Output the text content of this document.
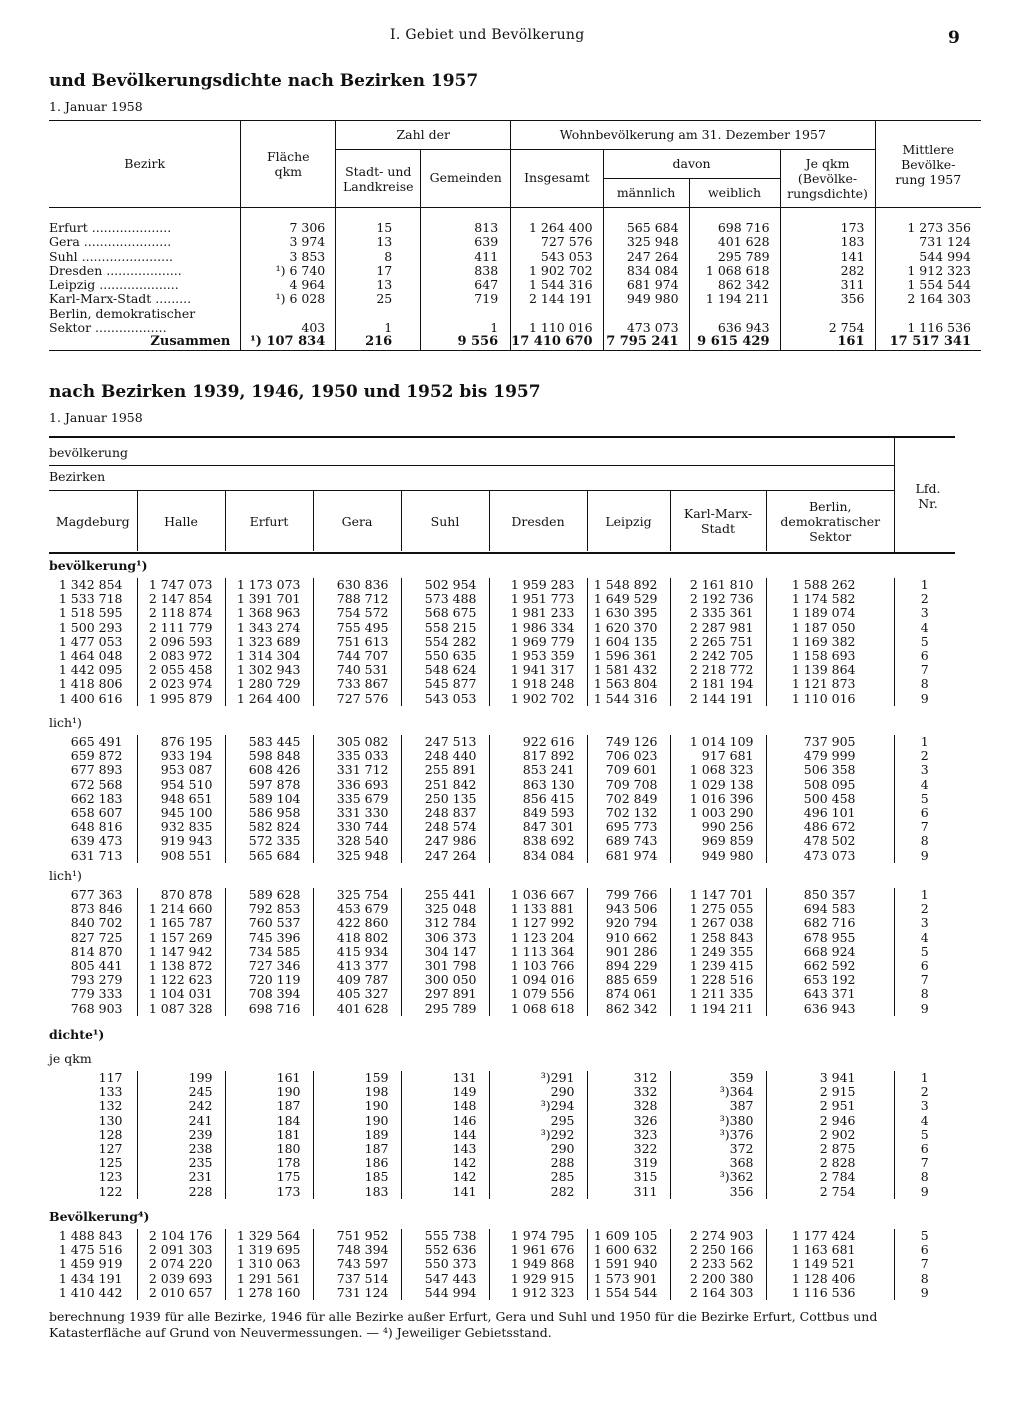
I. Gebiet und Bevölkerung	9
und Bevölkerungsdichte nach Bezirken 1957
1. Januar 1958
Bezirk	Fläche qkm	Zahl der		Wohnbevölkerung am 31. Dezember 1957				Mittlere Bevölke-rung 1957

		Stadt- und Landkreise	Gemeinden	Insgesamt	davon		Je qkm (Bevölke-rungsdichte)	

					männlich	weiblich		
Erfurt ....................	7 306	15	813	1 264 400	565 684	698 716	173	1 273 356
Gera ......................	3 974	13	639	727 576	325 948	401 628	183	731 124
Suhl .......................	3 853	8	411	543 053	247 264	295 789	141	544 994
Dresden ...................	¹) 6 740	17	838	1 902 702	834 084	1 068 618	282	1 912 323
Leipzig ....................	4 964	13	647	1 544 316	681 974	862 342	311	1 554 544
Karl-Marx-Stadt .........	¹) 6 028	25	719	2 144 191	949 980	1 194 211	356	2 164 303
Berlin, demokratischer								
Sektor ..................	403	1	1	1 110 016	473 073	636 943	2 754	1 116 536
Zusammen	¹) 107 834	216	9 556	17 410 670	7 795 241	9 615 429	161	17 517 341
nach Bezirken 1939, 1946, 1950 und 1952 bis 1957
1. Januar 1958
bevölkerung
Bezirken
Lfd. Nr.
Magdeburg	Halle	Erfurt	Gera	Suhl	Dresden	Leipzig	Karl-Marx-Stadt

Berlin, demokratischer Sektor
bevölkerung¹)
1 342 854	1 747 073	1 173 073	630 836	502 954	1 959 283	1 548 892	2 161 810	1 588 262	1
1 533 718	2 147 854	1 391 701	788 712	573 488	1 951 773	1 649 529	2 192 736	1 174 582	2
1 518 595	2 118 874	1 368 963	754 572	568 675	1 981 233	1 630 395	2 335 361	1 189 074	3
1 500 293	2 111 779	1 343 274	755 495	558 215	1 986 334	1 620 370	2 287 981	1 187 050	4
1 477 053	2 096 593	1 323 689	751 613	554 282	1 969 779	1 604 135	2 265 751	1 169 382	5
1 464 048	2 083 972	1 314 304	744 707	550 635	1 953 359	1 596 361	2 242 705	1 158 693	6
1 442 095	2 055 458	1 302 943	740 531	548 624	1 941 317	1 581 432	2 218 772	1 139 864	7
1 418 806	2 023 974	1 280 729	733 867	545 877	1 918 248	1 563 804	2 181 194	1 121 873	8
1 400 616	1 995 879	1 264 400	727 576	543 053	1 902 702	1 544 316	2 144 191	1 110 016	9
lich¹)
665 491	876 195	583 445	305 082	247 513	922 616	749 126	1 014 109	737 905	1
659 872	933 194	598 848	335 033	248 440	817 892	706 023	917 681	479 999	2
677 893	953 087	608 426	331 712	255 891	853 241	709 601	1 068 323	506 358	3
672 568	954 510	597 878	336 693	251 842	863 130	709 708	1 029 138	508 095	4
662 183	948 651	589 104	335 679	250 135	856 415	702 849	1 016 396	500 458	5
658 607	945 100	586 958	331 330	248 837	849 593	702 132	1 003 290	496 101	6
648 816	932 835	582 824	330 744	248 574	847 301	695 773	990 256	486 672	7
639 473	919 943	572 335	328 540	247 986	838 692	689 743	969 859	478 502	8
631 713	908 551	565 684	325 948	247 264	834 084	681 974	949 980	473 073	9
lich¹)
677 363	870 878	589 628	325 754	255 441	1 036 667	799 766	1 147 701	850 357	1
873 846	1 214 660	792 853	453 679	325 048	1 133 881	943 506	1 275 055	694 583	2
840 702	1 165 787	760 537	422 860	312 784	1 127 992	920 794	1 267 038	682 716	3
827 725	1 157 269	745 396	418 802	306 373	1 123 204	910 662	1 258 843	678 955	4
814 870	1 147 942	734 585	415 934	304 147	1 113 364	901 286	1 249 355	668 924	5
805 441	1 138 872	727 346	413 377	301 798	1 103 766	894 229	1 239 415	662 592	6
793 279	1 122 623	720 119	409 787	300 050	1 094 016	885 659	1 228 516	653 192	7
779 333	1 104 031	708 394	405 327	297 891	1 079 556	874 061	1 211 335	643 371	8
768 903	1 087 328	698 716	401 628	295 789	1 068 618	862 342	1 194 211	636 943	9
dichte¹)
je qkm
117	199	161	159	131	³)291	312	359	3 941	1
133	245	190	198	149	290	332	³)364	2 915	2
132	242	187	190	148	³)294	328	387	2 951	3
130	241	184	190	146	295	326	³)380	2 946	4
128	239	181	189	144	³)292	323	³)376	2 902	5
127	238	180	187	143	290	322	372	2 875	6
125	235	178	186	142	288	319	368	2 828	7
123	231	175	185	142	285	315	³)362	2 784	8
122	228	173	183	141	282	311	356	2 754	9
Bevölkerung⁴)
1 488 843	2 104 176	1 329 564	751 952	555 738	1 974 795	1 609 105	2 274 903	1 177 424	5
1 475 516	2 091 303	1 319 695	748 394	552 636	1 961 676	1 600 632	2 250 166	1 163 681	6
1 459 919	2 074 220	1 310 063	743 597	550 373	1 949 868	1 591 940	2 233 562	1 149 521	7
1 434 191	2 039 693	1 291 561	737 514	547 443	1 929 915	1 573 901	2 200 380	1 128 406	8
1 410 442	2 010 657	1 278 160	731 124	544 994	1 912 323	1 554 544	2 164 303	1 116 536	9
berechnung 1939 für alle Bezirke, 1946 für alle Bezirke außer Erfurt, Gera und Suhl und 1950 für die Bezirke Erfurt, Cottbus und
Katasterfläche auf Grund von Neuvermessungen. — ⁴) Jeweiliger Gebietsstand.
